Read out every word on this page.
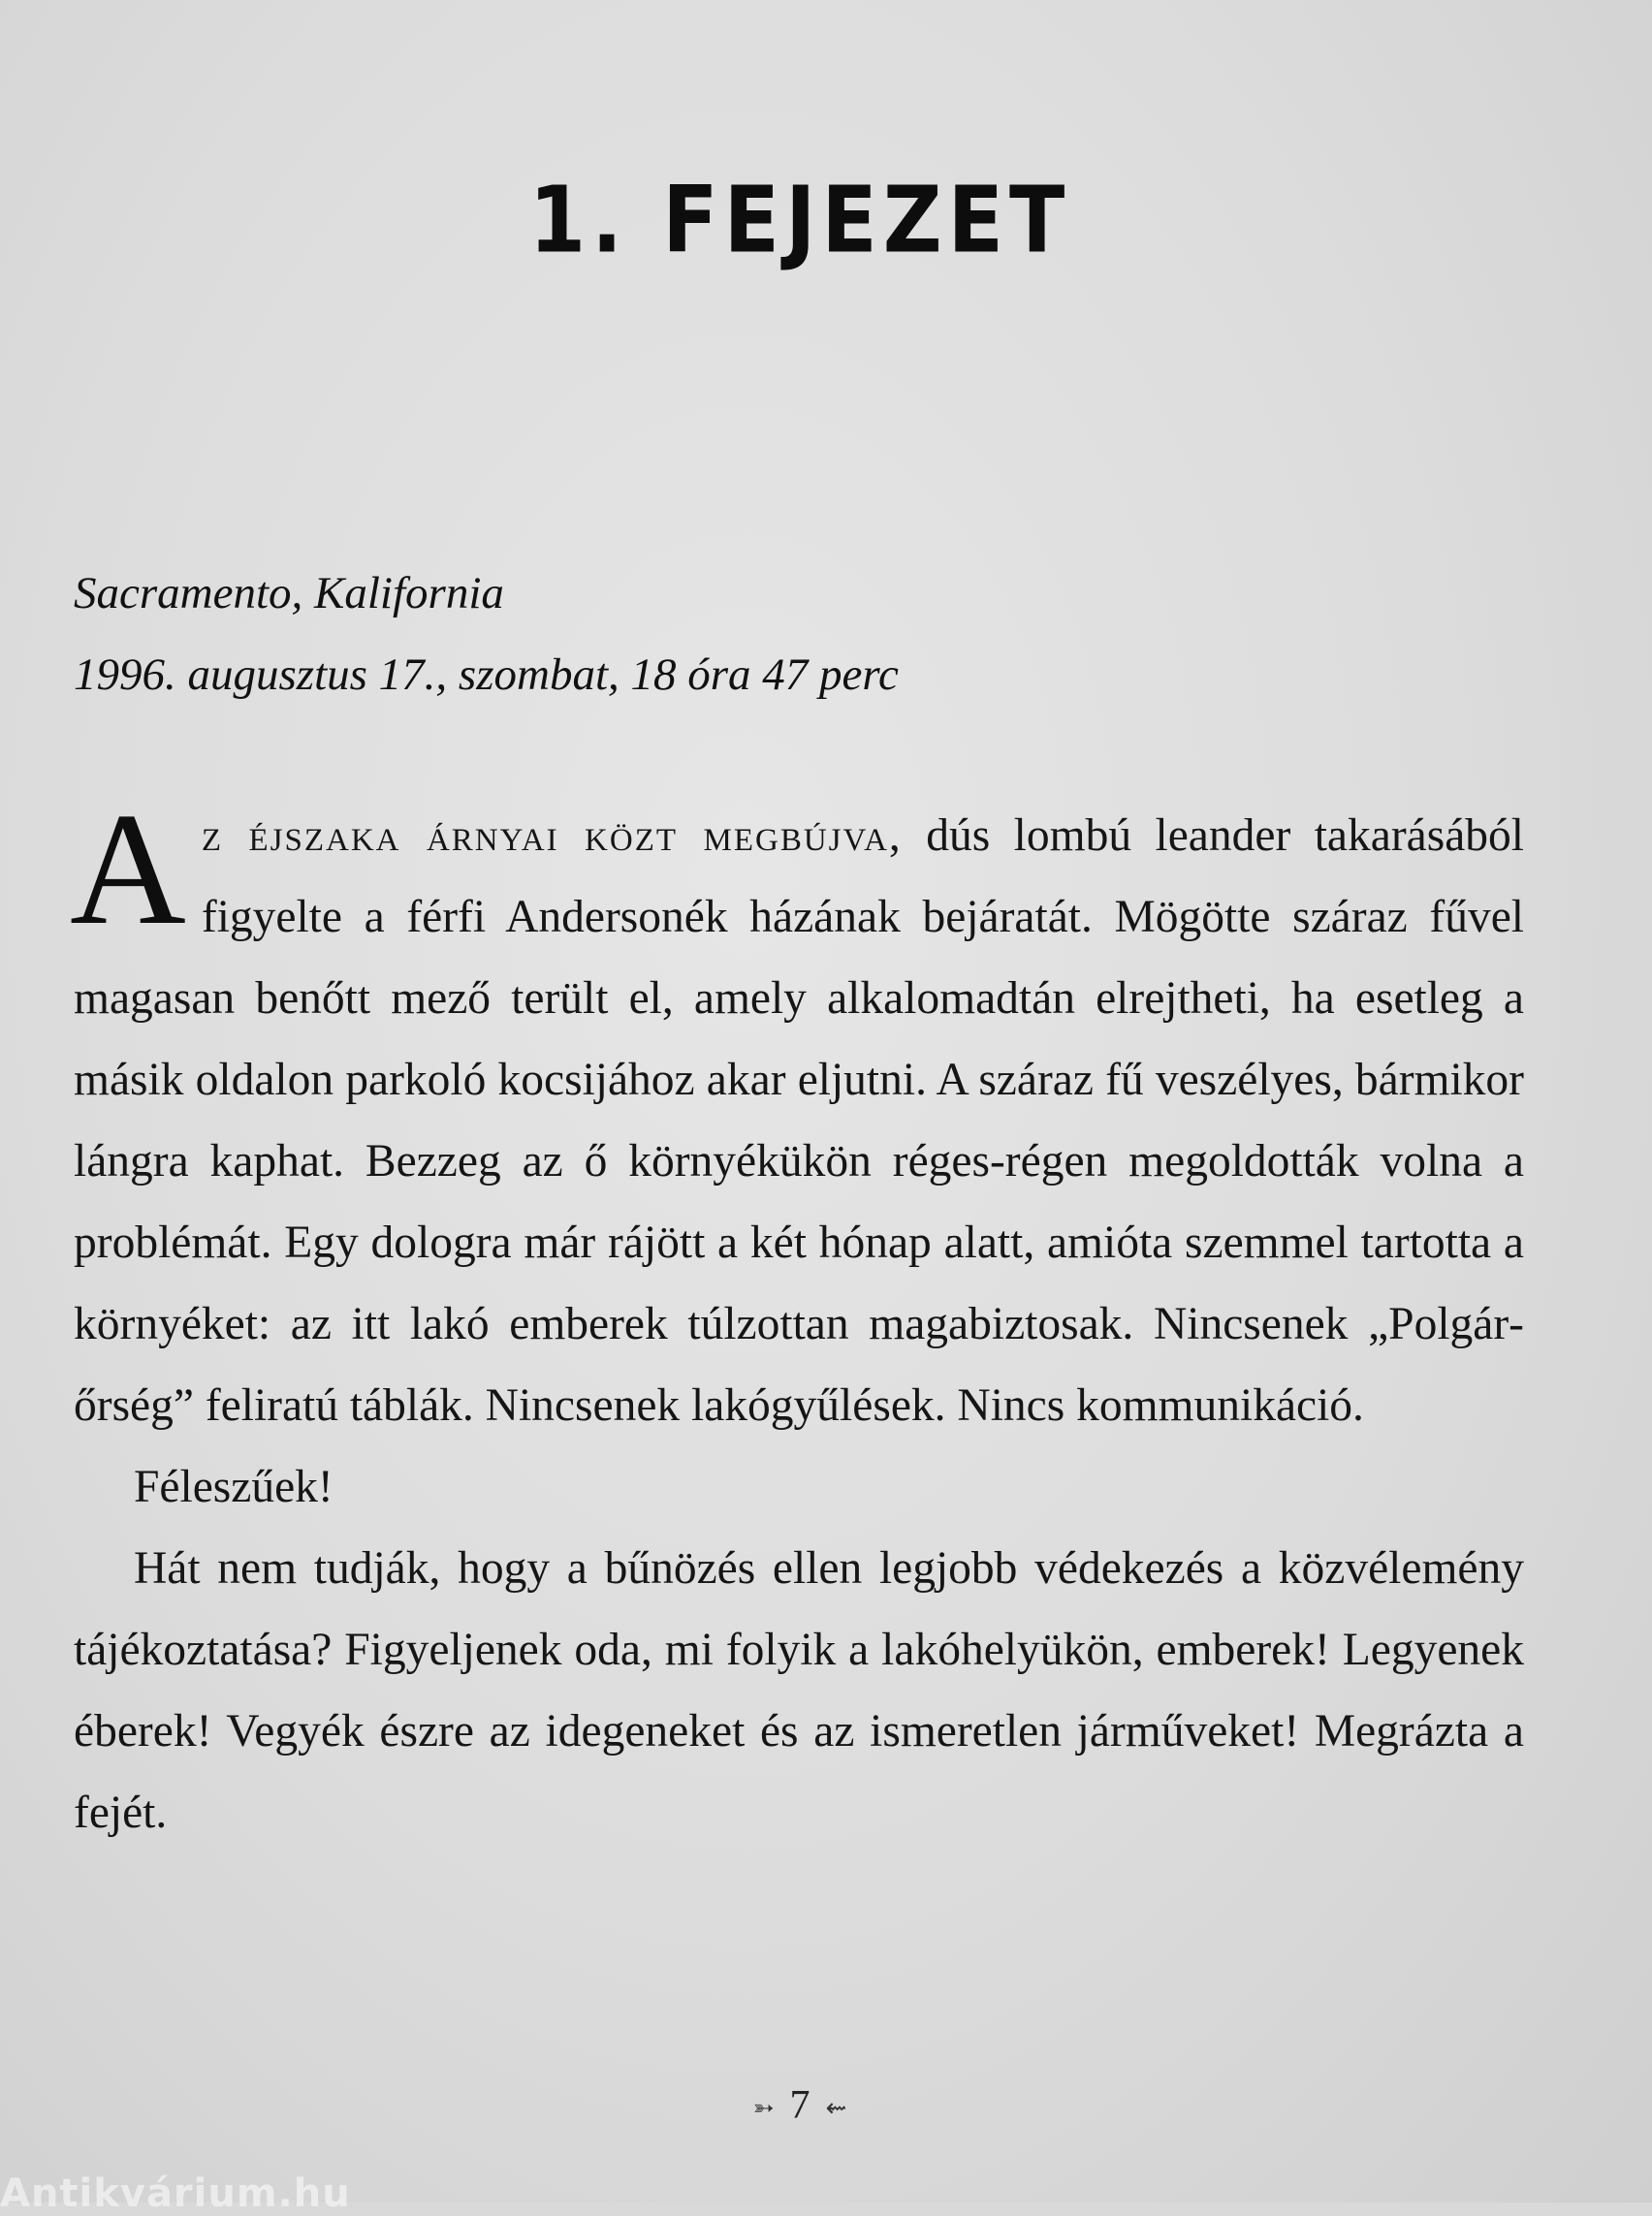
1. FEJEZET
Sacramento, Kalifornia
1996. augusztus 17., szombat, 18 óra 47 perc

Az éjszaka árnyai közt megbújva, dús lombú leander takarásából figyelte a férfi Andersonék házának bejáratát. Mögötte száraz fűvel magasan benőtt mező terült el, amely alkalomadtán elrejtheti, ha esetleg a másik oldalon parkoló kocsijához akar eljutni. A száraz fű veszélyes, bármikor lángra kaphat. Bezzeg az ő környékükön réges-régen megoldották volna a problémát. Egy dologra már rájött a két hónap alatt, amióta szemmel tartotta a környéket: az itt lakó emberek túlzottan magabiztosak. Nincsenek „Polgárőrség” feliratú táblák. Nincsenek lakógyűlések. Nincs kommunikáció.

Féleszűek!

Hát nem tudják, hogy a bűnözés ellen legjobb védekezés a közvélemény tájékoztatása? Figyeljenek oda, mi folyik a lakóhelyükön, emberek! Legyenek éberek! Vegyék észre az idegeneket és az ismeretlen járműveket! Megrázta a fejét.

➳ 7 ⇜
Antikvárium.hu
